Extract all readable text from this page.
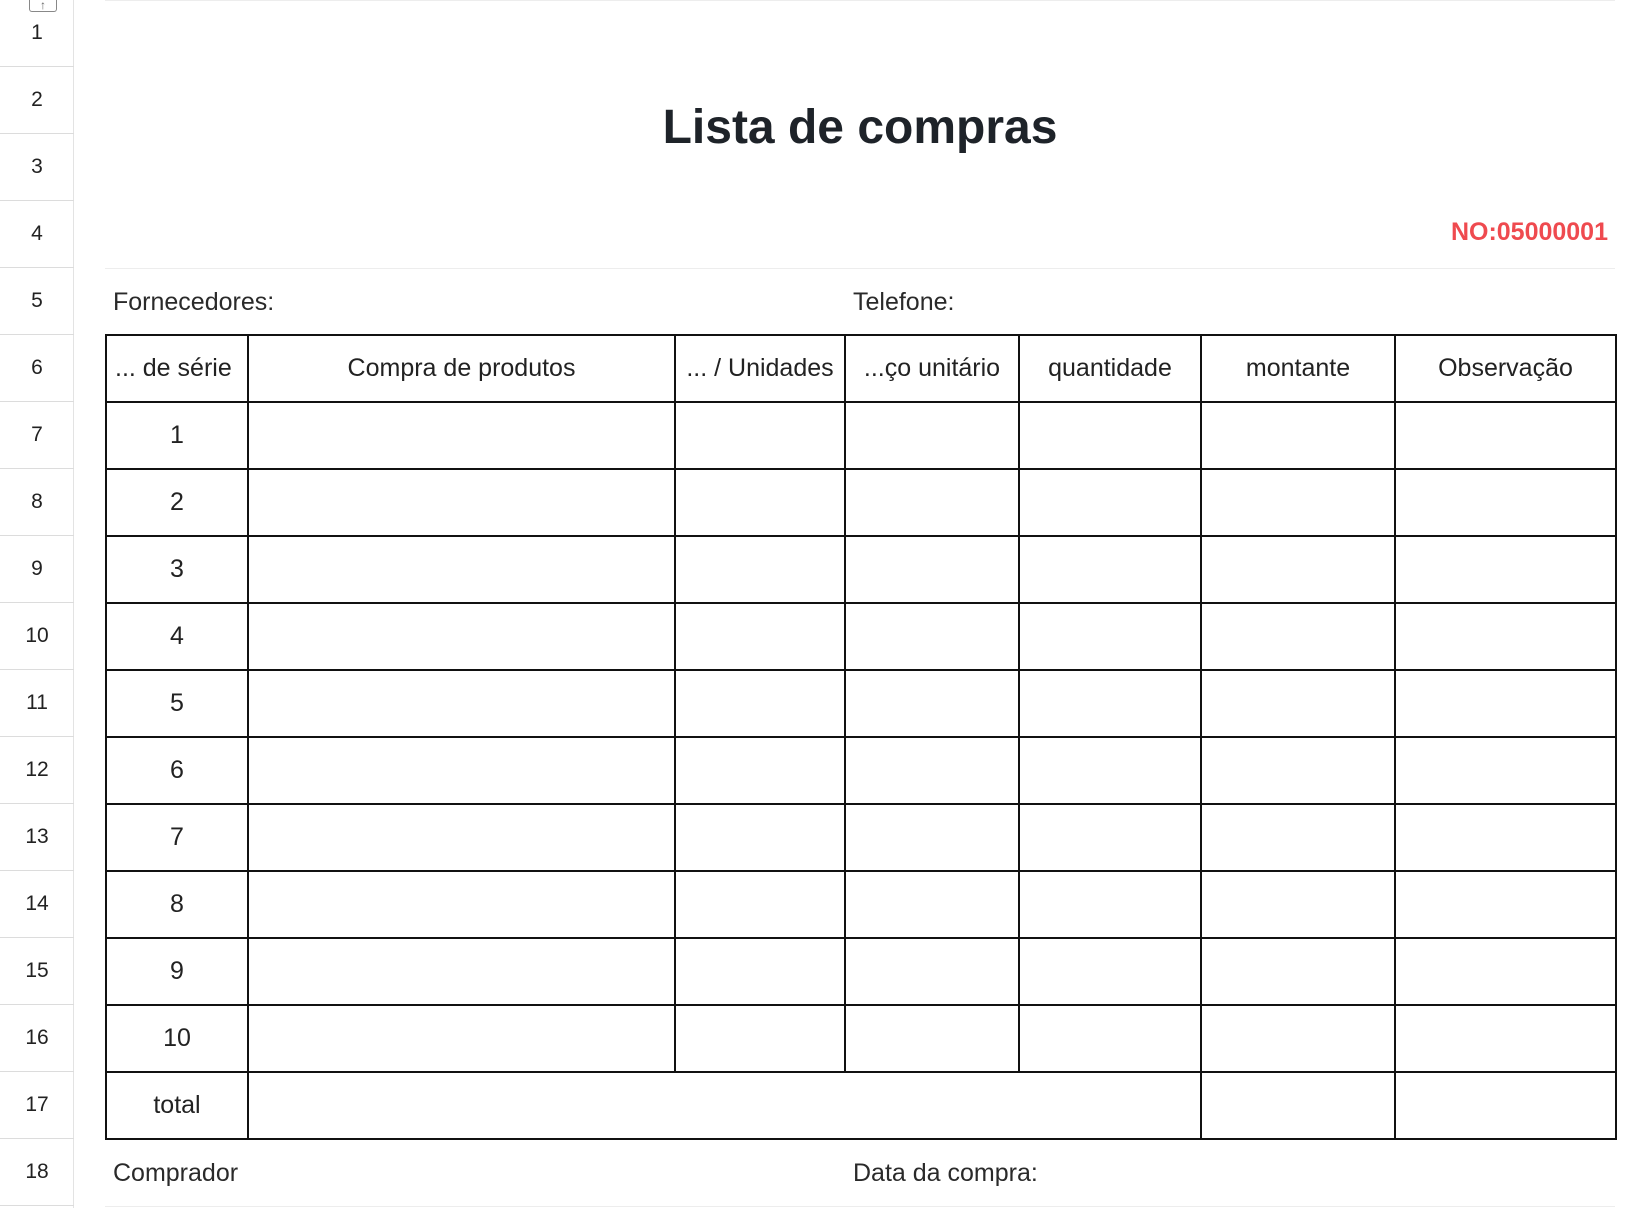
↑
1
2
3
4
5
6
7
8
9
10
11
12
13
14
15
16
17
18
Lista de compras
NO:05000001
Fornecedores:	Telefone:
... de série	Compra de produtos	... / Unidades	...ço unitário	quantidade	montante	Observação
1						
2						
3						
4						
5						
6						
7						
8						
9						
10						
total						
Comprador	Data da compra:
